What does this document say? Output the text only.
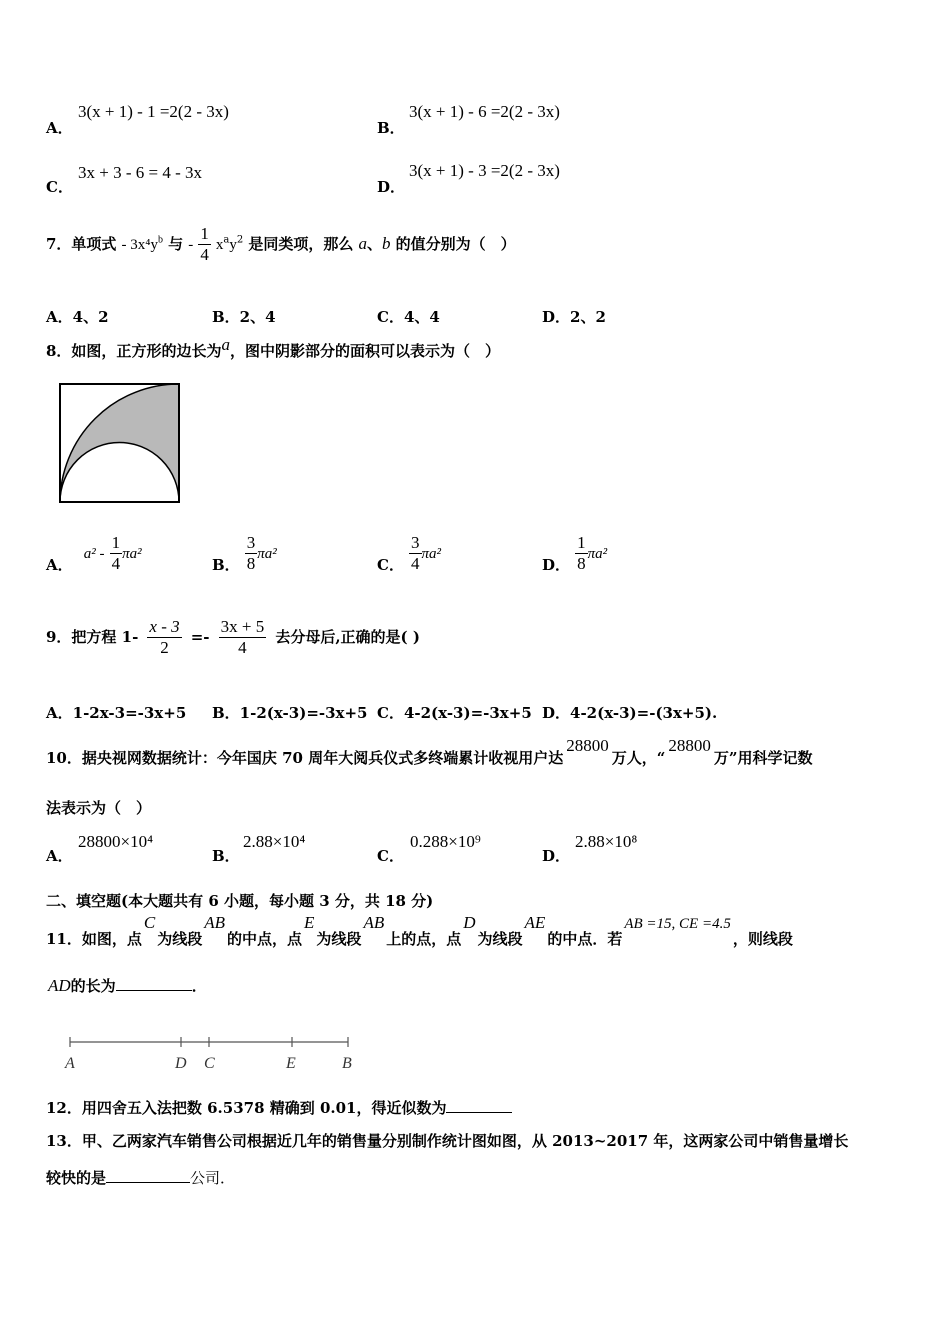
A．
3(x + 1) - 1 =2(2 - 3x)
B．
3(x + 1) - 6 =2(2 - 3x)
C．
3x + 3 - 6 = 4 - 3x
D．
3(x + 1) - 3 =2(2 - 3x)
7．单项式 - $3x^4y^b$ 与 - $\frac{1}{4} x^ay^2$ 是同类项，那么 a、b 的值分别为（　）
A．4、2	B．2、4	C．4、4	D．2、2
8．如图，正方形的边长为a，图中阴影部分的面积可以表示为（　）
A． $a^2 - \frac{1}{4} \pi a^2$
B． $\frac{3}{8} \pi a^2$
C． $\frac{3}{4} \pi a^2$
D． $\frac{1}{8} \pi a^2$
9．把方程 $1- \frac{x - 3}{2} =- \frac{3x + 5}{4}$ 去分母后,正确的是( )
A．1-2x-3=-3x+5 B．1-2(x-3)=-3x+5 C．4-2(x-3)=-3x+5 D．4-2(x-3)=-(3x+5).
10．据央视网数据统计：今年国庆 70 周年大阅兵仪式多终端累计收视用户达28800万人，“28800万”用科学记数
法表示为（　）
A．
28800×10⁴
B．
2.88×10⁴
C．
0.288×10⁹
D．
2.88×10⁸
二、填空题(本大题共有 6 小题，每小题 3 分，共 18 分)
11．如图，点C为线段AB的中点，点E为线段AB上的点，点D为线段AE的中点．若AB =15, CE =4.5，则线段
AD的长为	．
A	D C	E	B
12．用四舍五入法把数 6.5378 精确到 0.01，得近似数为
13．甲、乙两家汽车销售公司根据近几年的销售量分别制作统计图如图，从 2013~2017 年，这两家公司中销售量增长
较快的是	公司．
